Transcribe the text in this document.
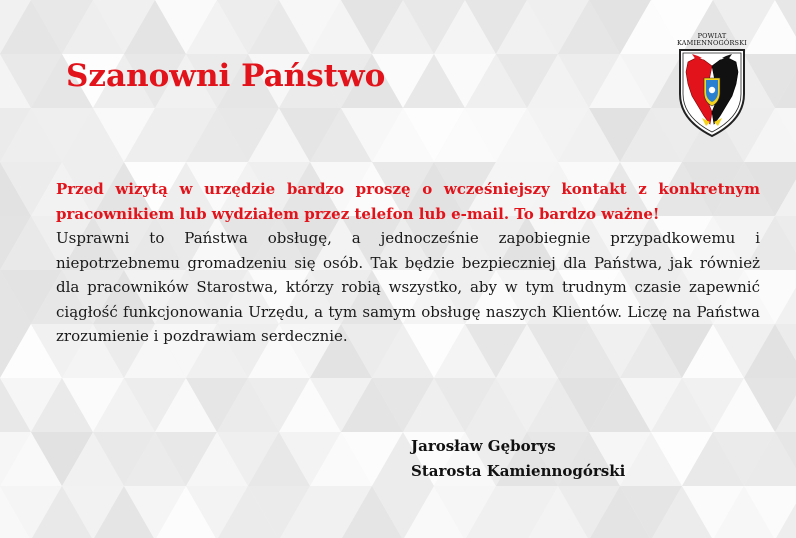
Szanowni Państwo
POWIAT
KAMIENNOGÓRSKI
Przed wizytą w urzędzie bardzo proszę o wcześniejszy kontakt z konkretnym pracownikiem lub wydziałem przez telefon lub e-mail. To bardzo ważne!
Usprawni to Państwa obsługę, a jednocześnie zapobiegnie przypadkowemu i niepotrzebnemu gromadzeniu się osób. Tak będzie bezpieczniej dla Państwa, jak również dla pracowników Starostwa, którzy robią wszystko, aby w tym trudnym czasie zapewnić ciągłość funkcjonowania Urzędu, a tym samym obsługę naszych Klientów. Liczę na Państwa zrozumienie i pozdrawiam serdecznie.
Jarosław Gęborys
Starosta Kamiennogórski
